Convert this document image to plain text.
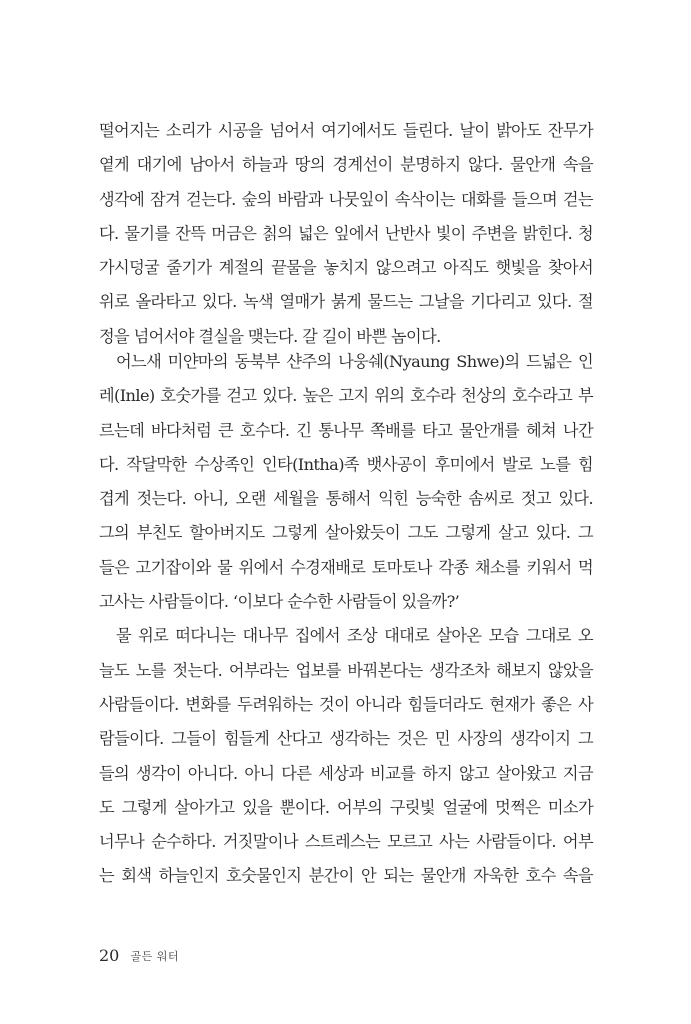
떨어지는 소리가 시공을 넘어서 여기에서도 들린다. 날이 밝아도 잔무가
옅게 대기에 남아서 하늘과 땅의 경계선이 분명하지 않다. 물안개 속을
생각에 잠겨 걷는다. 숲의 바람과 나뭇잎이 속삭이는 대화를 들으며 걷는
다. 물기를 잔뜩 머금은 칡의 넓은 잎에서 난반사 빛이 주변을 밝힌다. 청
가시덩굴 줄기가 계절의 끝물을 놓치지 않으려고 아직도 햇빛을 찾아서
위로 올라타고 있다. 녹색 열매가 붉게 물드는 그날을 기다리고 있다. 절
정을 넘어서야 결실을 맺는다. 갈 길이 바쁜 놈이다.
어느새 미얀마의 동북부 샨주의 나웅쉐(Nyaung Shwe)의 드넓은 인
레(Inle) 호숫가를 걷고 있다. 높은 고지 위의 호수라 천상의 호수라고 부
르는데 바다처럼 큰 호수다. 긴 통나무 쪽배를 타고 물안개를 헤쳐 나간
다. 작달막한 수상족인 인타(Intha)족 뱃사공이 후미에서 발로 노를 힘
겹게 젓는다. 아니, 오랜 세월을 통해서 익힌 능숙한 솜씨로 젓고 있다.
그의 부친도 할아버지도 그렇게 살아왔듯이 그도 그렇게 살고 있다. 그
들은 고기잡이와 물 위에서 수경재배로 토마토나 각종 채소를 키워서 먹
고사는 사람들이다. ‘이보다 순수한 사람들이 있을까?’
물 위로 떠다니는 대나무 집에서 조상 대대로 살아온 모습 그대로 오
늘도 노를 젓는다. 어부라는 업보를 바꿔본다는 생각조차 해보지 않았을
사람들이다. 변화를 두려워하는 것이 아니라 힘들더라도 현재가 좋은 사
람들이다. 그들이 힘들게 산다고 생각하는 것은 민 사장의 생각이지 그
들의 생각이 아니다. 아니 다른 세상과 비교를 하지 않고 살아왔고 지금
도 그렇게 살아가고 있을 뿐이다. 어부의 구릿빛 얼굴에 멋쩍은 미소가
너무나 순수하다. 거짓말이나 스트레스는 모르고 사는 사람들이다. 어부
는 회색 하늘인지 호숫물인지 분간이 안 되는 물안개 자욱한 호수 속을
20 골든 워터
